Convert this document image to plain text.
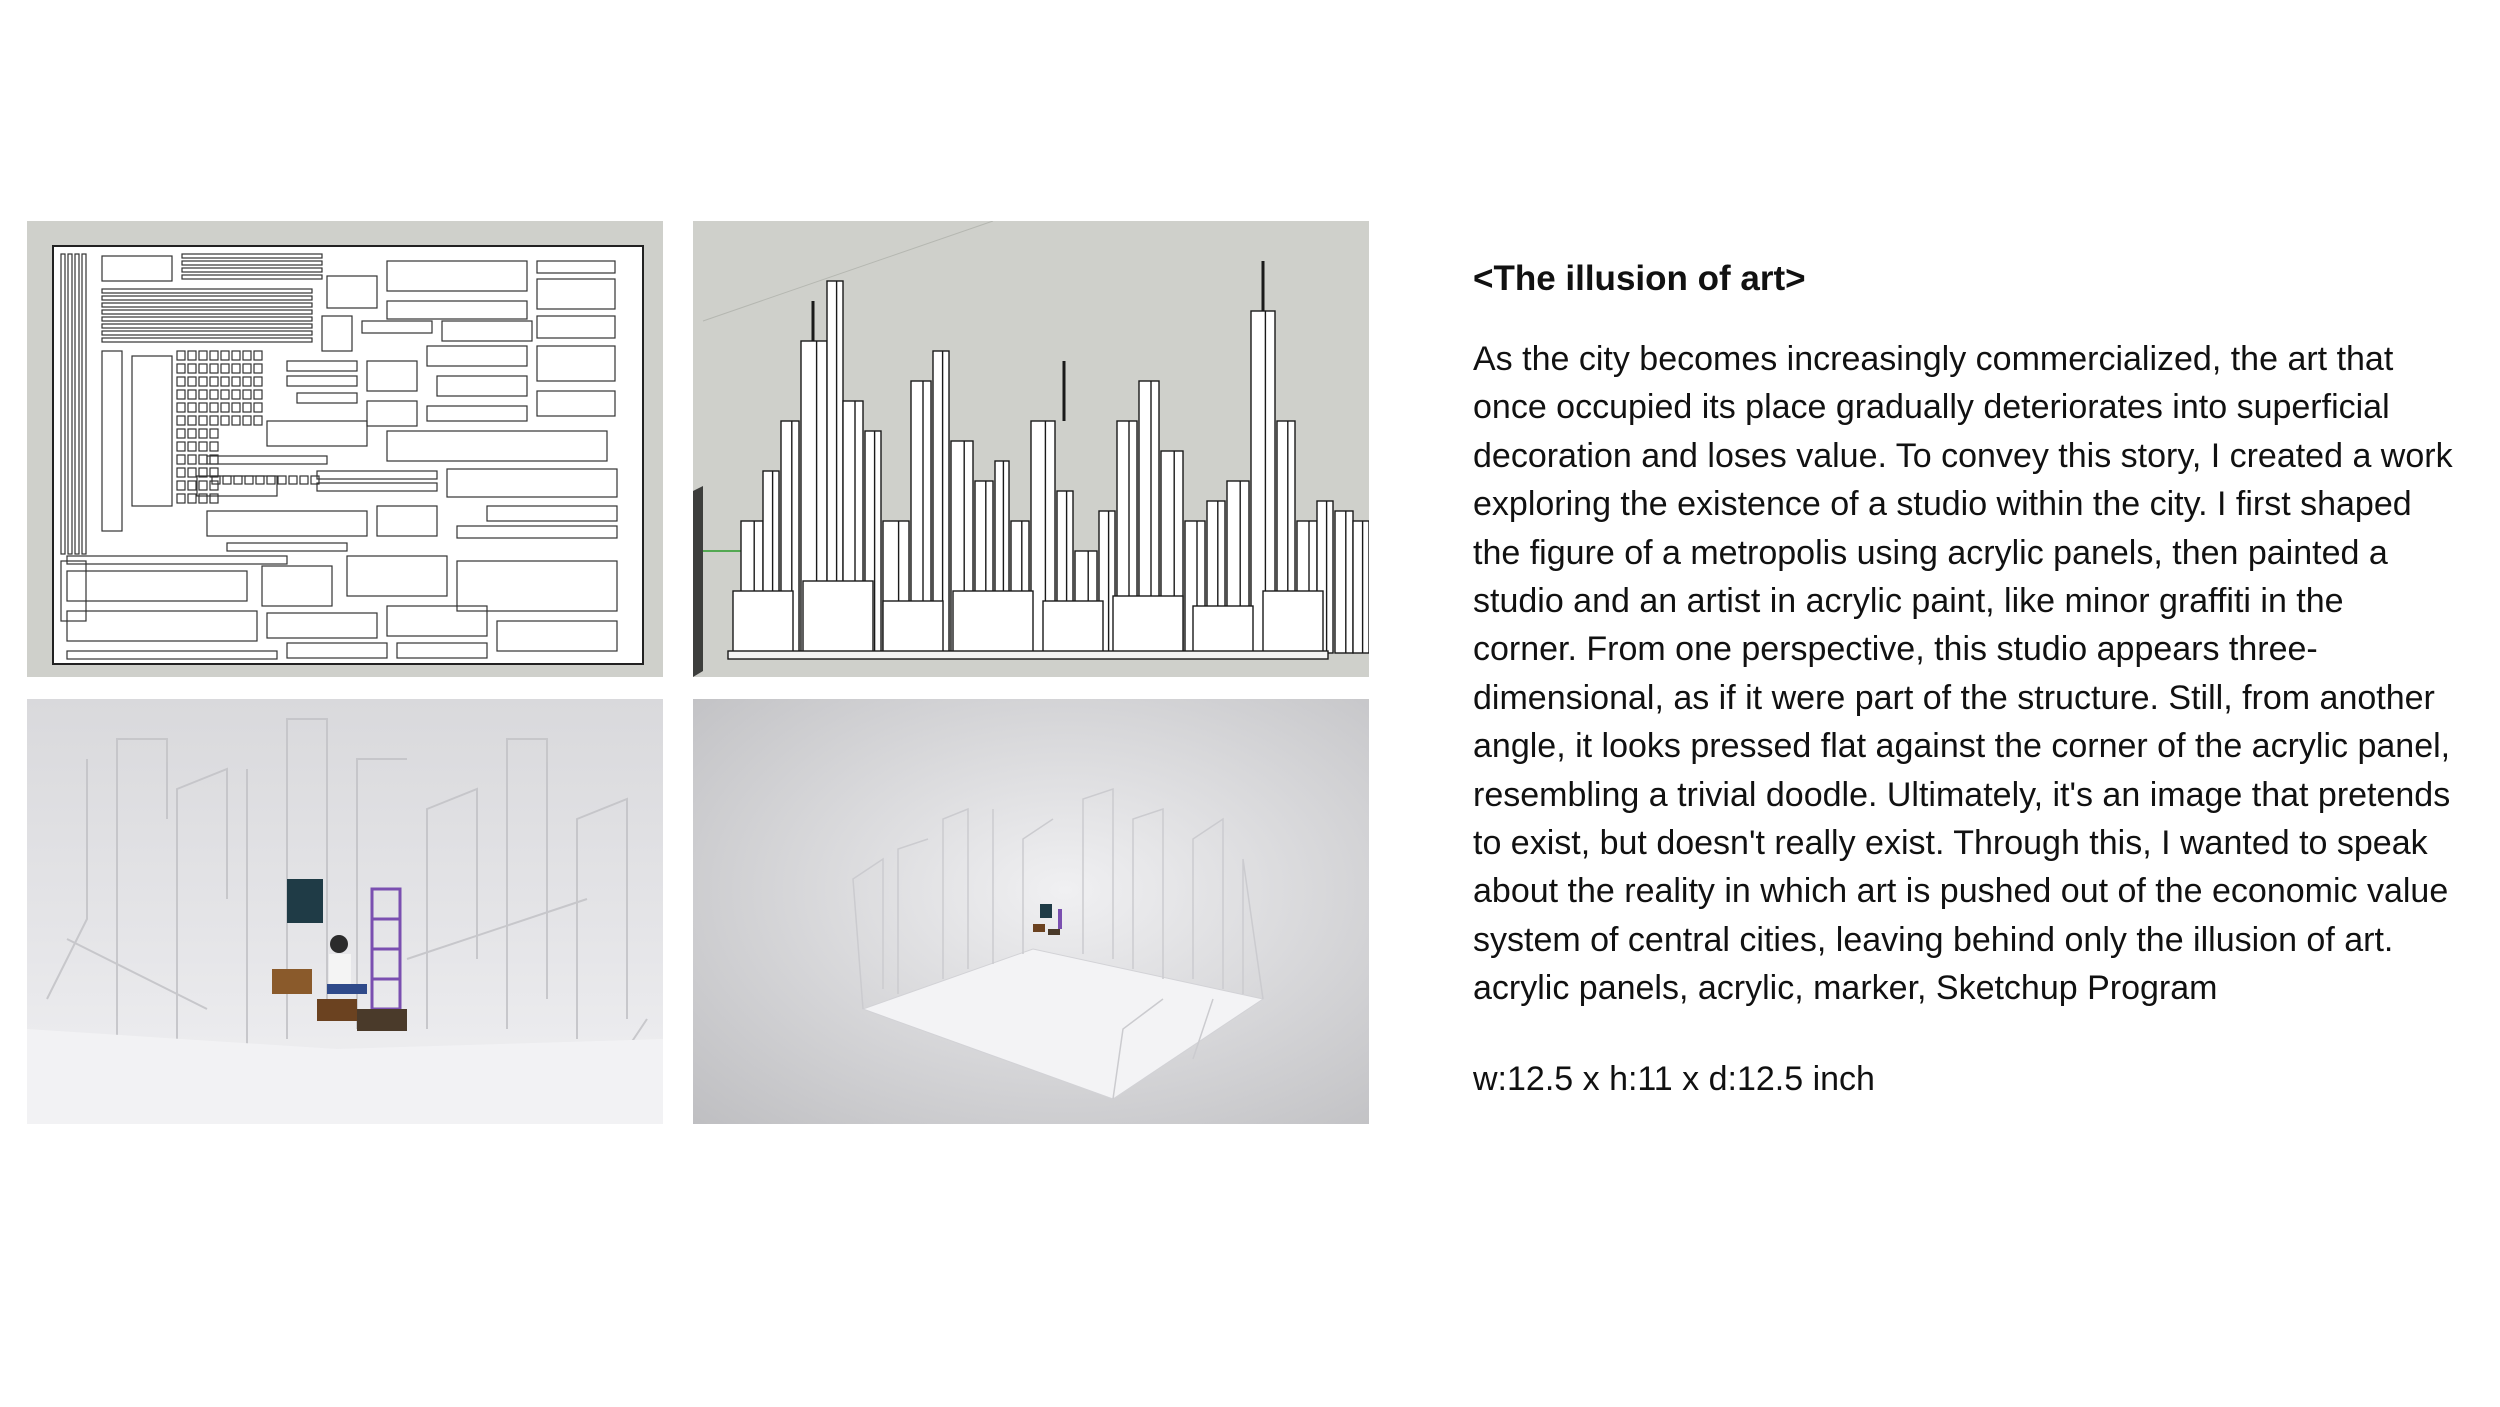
<The illusion of art>

As the city becomes increasingly commercialized, the art that once occupied its place gradually deteriorates into superficial decoration and loses value. To convey this story, I created a work exploring the existence of a studio within the city. I first shaped the figure of a metropolis using acrylic panels, then painted a studio and an artist in acrylic paint, like minor graffiti in the corner. From one perspective, this studio appears three-dimensional, as if it were part of the structure. Still, from another angle, it looks pressed flat against the corner of the acrylic panel, resembling a trivial doodle. Ultimately, it's an image that pretends to exist, but doesn't really exist. Through this, I wanted to speak about the reality in which art is pushed out of the economic value system of central cities, leaving behind only the illusion of art.

acrylic panels, acrylic, marker, Sketchup Program

w:12.5 x h:11 x d:12.5 inch
